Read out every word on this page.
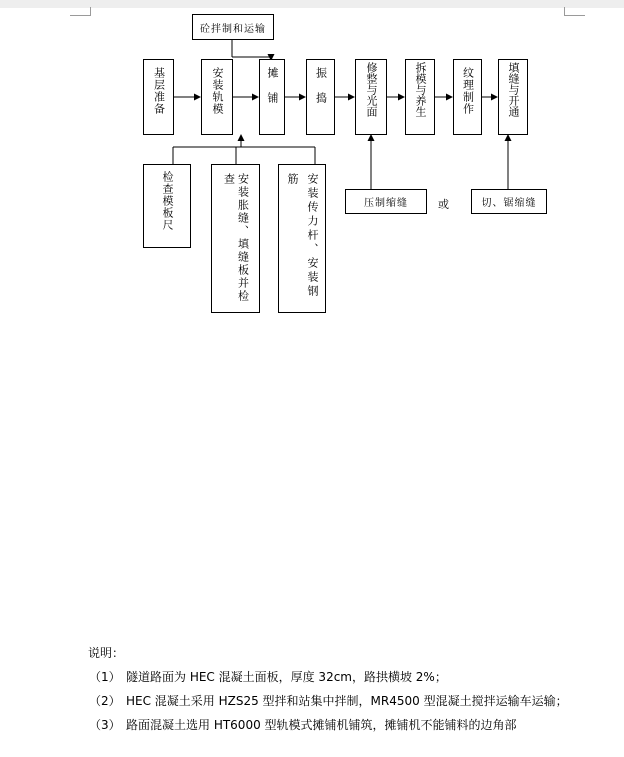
砼拌制和运输
基层准备	安装轨模	摊铺	振捣	修整与光面	拆模与养生	纹理制作	填缝与开通
检查模板尺	安装胀缝、填缝板并检查	安装传力杆、安装钢筋
压制缩缝	或	切、锯缩缝

说明：

（1） 隧道路面为 HEC 混凝土面板，厚度 32cm，路拱横坡 2%；
（2） HEC 混凝土采用 HZS25 型拌和站集中拌制，MR4500 型混凝土搅拌运输车运输；
（3） 路面混凝土选用 HT6000 型轨模式摊铺机铺筑，摊铺机不能铺料的边角部
